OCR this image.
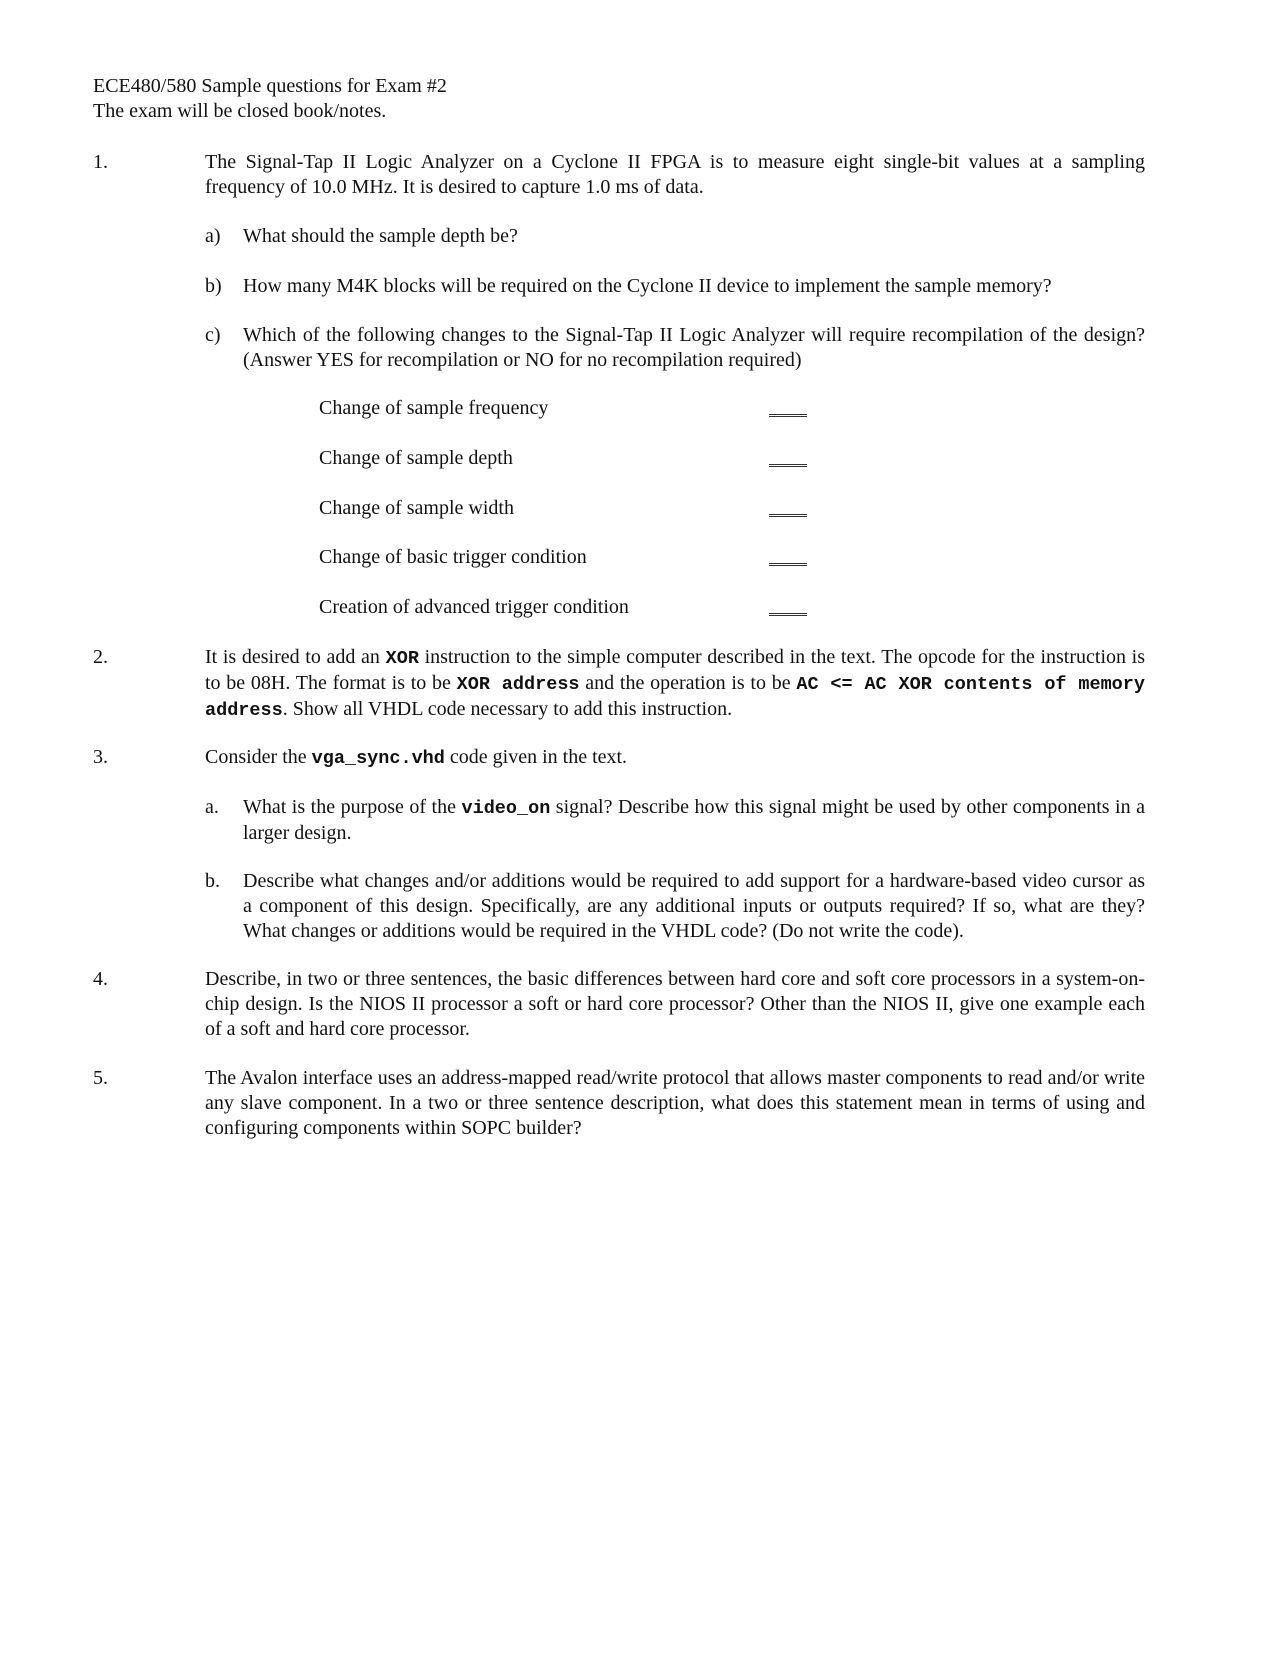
ECE480/580 Sample questions for Exam #2
The exam will be closed book/notes.
1.	The Signal-Tap II Logic Analyzer on a Cyclone II FPGA is to measure eight single-bit values at a sampling frequency of 10.0 MHz. It is desired to capture 1.0 ms of data.
a) What should the sample depth be?
b) How many M4K blocks will be required on the Cyclone II device to implement the sample memory?
c) Which of the following changes to the Signal-Tap II Logic Analyzer will require recompilation of the design? (Answer YES for recompilation or NO for no recompilation required)
Change of sample frequency
Change of sample depth
Change of sample width
Change of basic trigger condition
Creation of advanced trigger condition
2.	It is desired to add an XOR instruction to the simple computer described in the text. The opcode for the instruction is to be 08H. The format is to be XOR address and the operation is to be AC <= AC XOR contents of memory address. Show all VHDL code necessary to add this instruction.
3.	Consider the vga_sync.vhd code given in the text.
a. What is the purpose of the video_on signal? Describe how this signal might be used by other components in a larger design.
b. Describe what changes and/or additions would be required to add support for a hardware-based video cursor as a component of this design. Specifically, are any additional inputs or outputs required? If so, what are they? What changes or additions would be required in the VHDL code? (Do not write the code).
4.	Describe, in two or three sentences, the basic differences between hard core and soft core processors in a system-on-chip design. Is the NIOS II processor a soft or hard core processor? Other than the NIOS II, give one example each of a soft and hard core processor.
5.	The Avalon interface uses an address-mapped read/write protocol that allows master components to read and/or write any slave component. In a two or three sentence description, what does this statement mean in terms of using and configuring components within SOPC builder?
